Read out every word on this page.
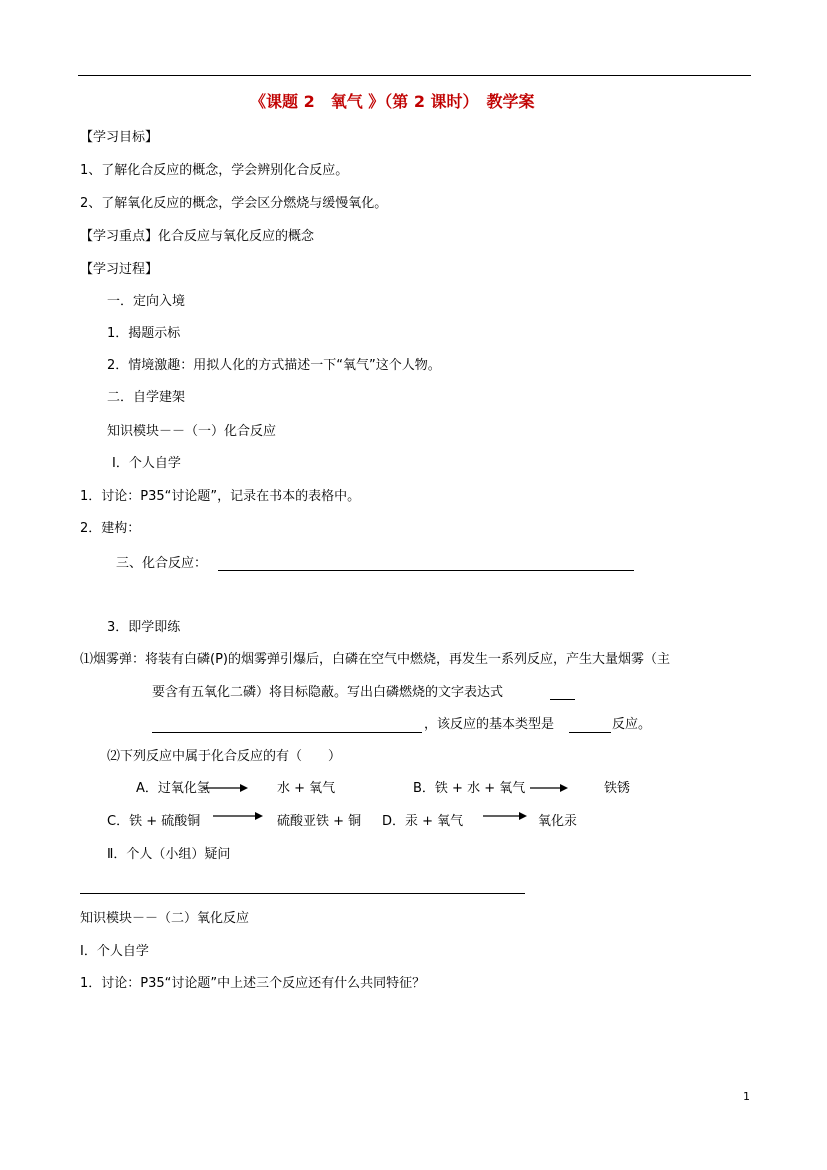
《课题 2　氧气 》（第 2 课时）　教学案
【学习目标】
1、了解化合反应的概念，学会辨别化合反应。
2、了解氧化反应的概念，学会区分燃烧与缓慢氧化。
【学习重点】化合反应与氧化反应的概念
【学习过程】
一．定向入境
1．揭题示标
2．情境激趣：用拟人化的方式描述一下“氧气”这个人物。
二．自学建架
知识模块－－（一）化合反应
Ⅰ．个人自学
1．讨论：P35“讨论题”，记录在书本的表格中。
2．建构：
三、化合反应：
3．即学即练
⑴烟雾弹：将装有白磷(P)的烟雾弹引爆后，白磷在空气中燃烧，再发生一系列反应，产生大量烟雾（主
要含有五氧化二磷）将目标隐蔽。写出白磷燃烧的文字表达式
，该反应的基本类型是	反应。
⑵下列反应中属于化合反应的有（　　）
A．过氧化氢	水 + 氧气	B．铁 + 水 + 氧气	铁锈
C．铁 + 硫酸铜	硫酸亚铁 + 铜 D．汞 + 氧气	氧化汞
Ⅱ．个人（小组）疑问
知识模块－－（二）氧化反应
Ⅰ．个人自学
1．讨论：P35“讨论题”中上述三个反应还有什么共同特征？
1
